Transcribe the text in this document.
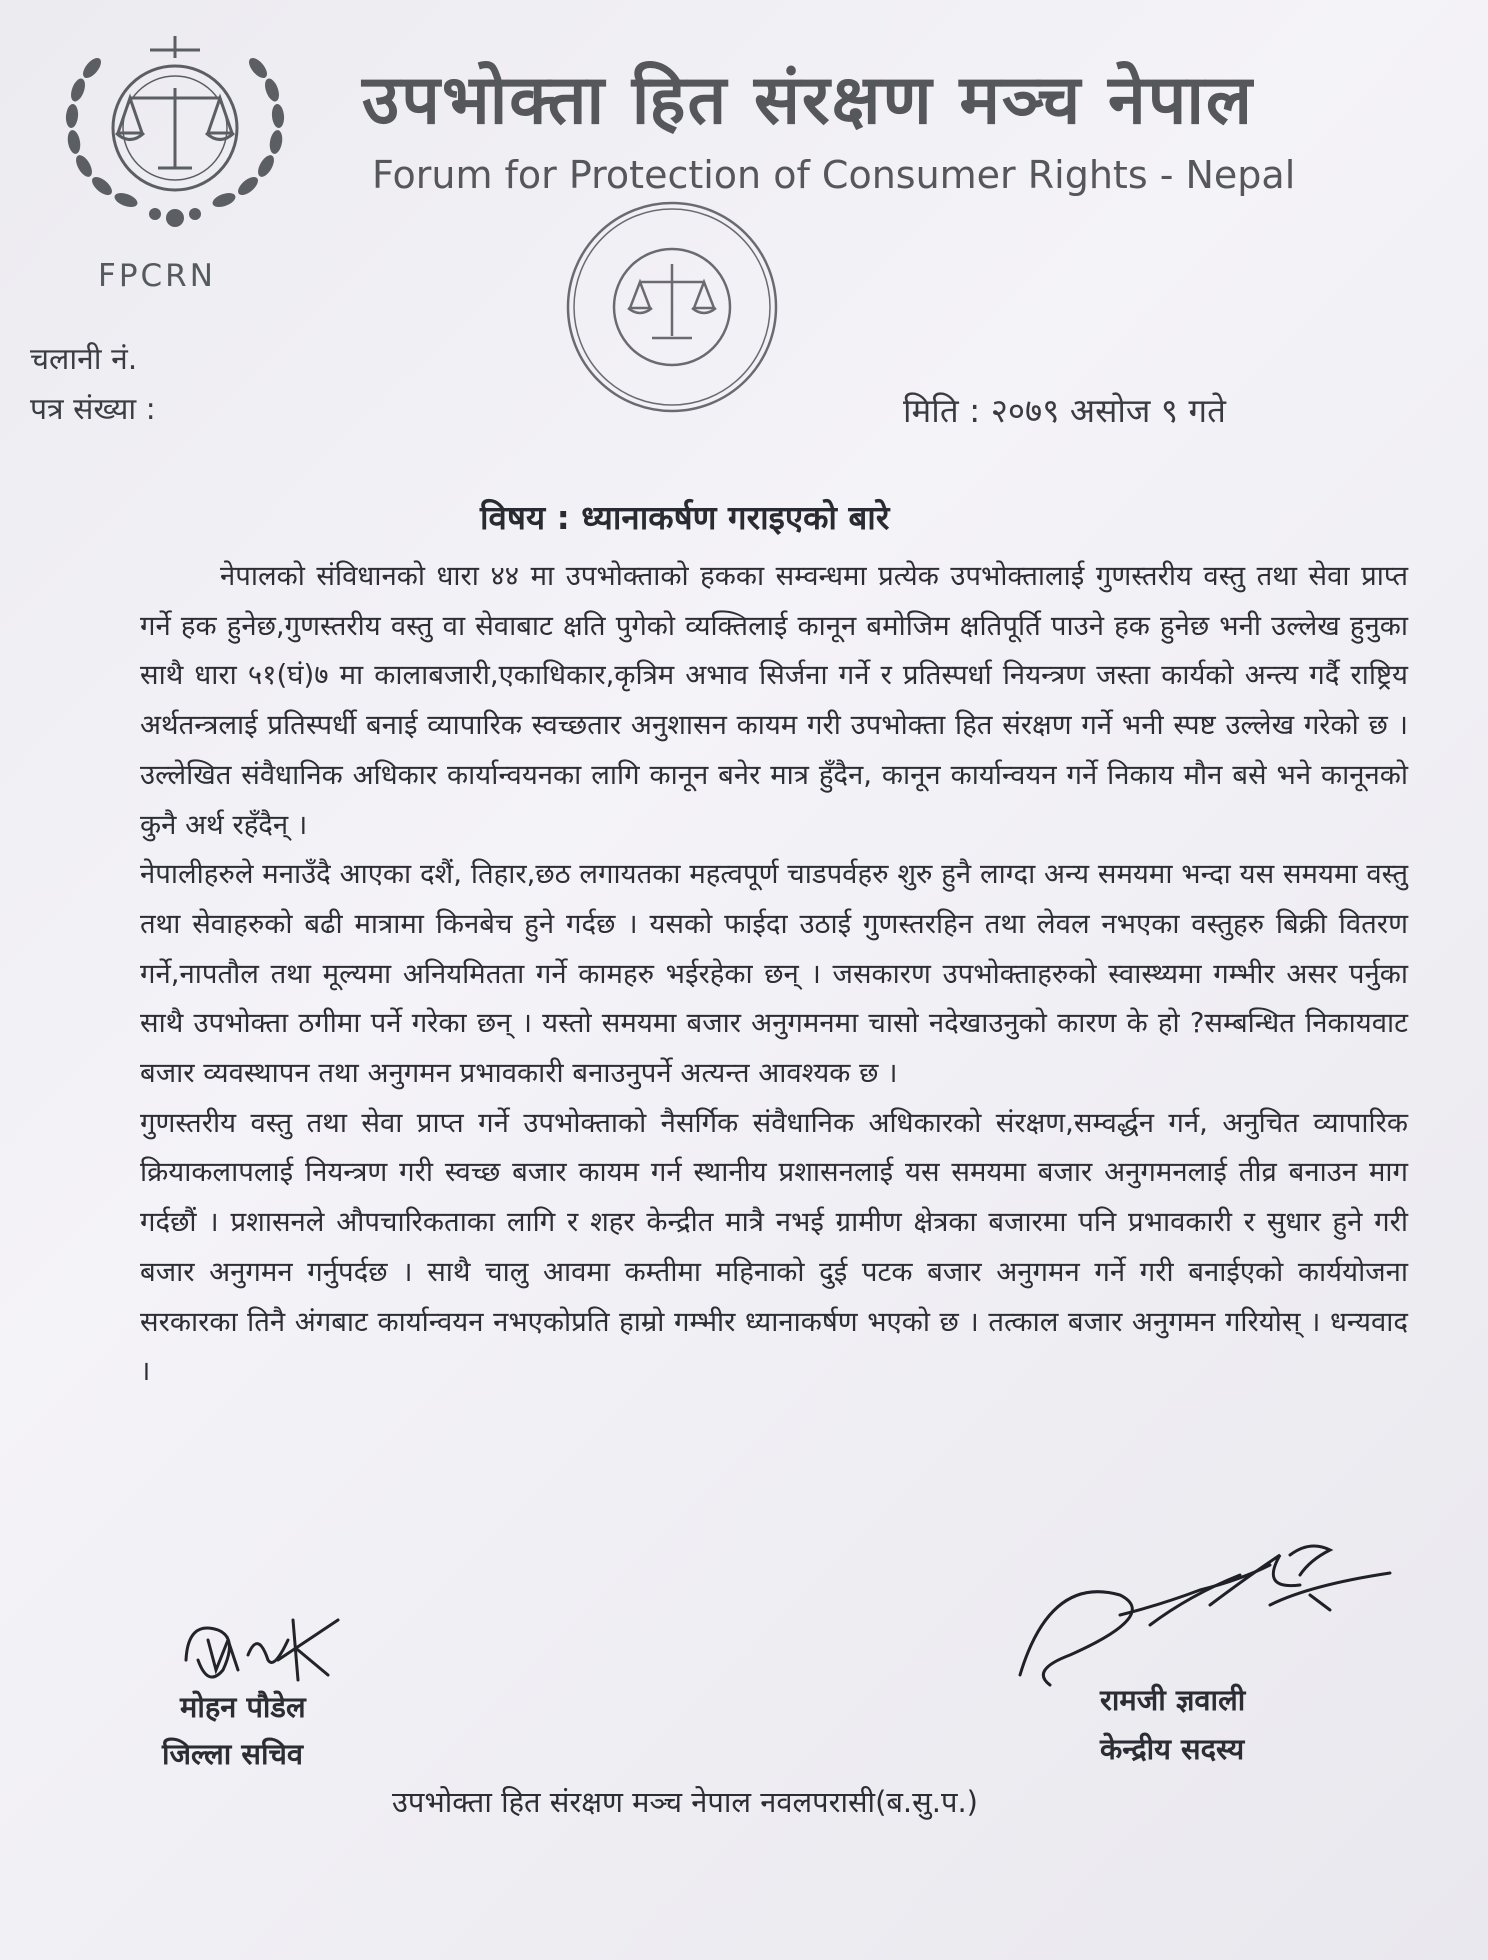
FPCRN
उपभोक्ता हित संरक्षण मञ्च नेपाल
Forum for Protection of Consumer Rights - Nepal
चलानी नं.
पत्र संख्या :	मिति : २०७९ असोज ९ गते
विषय : ध्यानाकर्षण गराइएको बारे

नेपालको संविधानको धारा ४४ मा उपभोक्ताको हकका सम्वन्धमा प्रत्येक उपभोक्तालाई गुणस्तरीय वस्तु तथा सेवा प्राप्त गर्ने हक हुनेछ,गुणस्तरीय वस्तु वा सेवाबाट क्षति पुगेको व्यक्तिलाई कानून बमोजिम क्षतिपूर्ति पाउने हक हुनेछ भनी उल्लेख हुनुका साथै धारा ५१(घं)७ मा कालाबजारी,एकाधिकार,कृत्रिम अभाव सिर्जना गर्ने र प्रतिस्पर्धा नियन्त्रण जस्ता कार्यको अन्त्य गर्दै राष्ट्रिय अर्थतन्त्रलाई प्रतिस्पर्धी बनाई व्यापारिक स्वच्छतार अनुशासन कायम गरी उपभोक्ता हित संरक्षण गर्ने भनी स्पष्ट उल्लेख गरेको छ । उल्लेखित संवैधानिक अधिकार कार्यान्वयनका लागि कानून बनेर मात्र हुँदैन, कानून कार्यान्वयन गर्ने निकाय मौन बसे भने कानूनको कुनै अर्थ रहँदैन् ।

नेपालीहरुले मनाउँदै आएका दशैं, तिहार,छठ लगायतका महत्वपूर्ण चाडपर्वहरु शुरु हुनै लाग्दा अन्य समयमा भन्दा यस समयमा वस्तु तथा सेवाहरुको बढी मात्रामा किनबेच हुने गर्दछ । यसको फाईदा उठाई गुणस्तरहिन तथा लेवल नभएका वस्तुहरु बिक्री वितरण गर्ने,नापतौल तथा मूल्यमा अनियमितता गर्ने कामहरु भईरहेका छन् । जसकारण उपभोक्ताहरुको स्वास्थ्यमा गम्भीर असर पर्नुका साथै उपभोक्ता ठगीमा पर्ने गरेका छन् । यस्तो समयमा बजार अनुगमनमा चासो नदेखाउनुको कारण के हो ?सम्बन्धित निकायवाट बजार व्यवस्थापन तथा अनुगमन प्रभावकारी बनाउनुपर्ने अत्यन्त आवश्यक छ ।

गुणस्तरीय वस्तु तथा सेवा प्राप्त गर्ने उपभोक्ताको नैसर्गिक संवैधानिक अधिकारको संरक्षण,सम्वर्द्धन गर्न, अनुचित व्यापारिक क्रियाकलापलाई नियन्त्रण गरी स्वच्छ बजार कायम गर्न स्थानीय प्रशासनलाई यस समयमा बजार अनुगमनलाई तीव्र बनाउन माग गर्दछौं । प्रशासनले औपचारिकताका लागि र शहर केन्द्रीत मात्रै नभई ग्रामीण क्षेत्रका बजारमा पनि प्रभावकारी र सुधार हुने गरी बजार अनुगमन गर्नुपर्दछ । साथै चालु आवमा कम्तीमा महिनाको दुई पटक बजार अनुगमन गर्ने गरी बनाईएको कार्ययोजना सरकारका तिनै अंगबाट कार्यान्वयन नभएकोप्रति हाम्रो गम्भीर ध्यानाकर्षण भएको छ । तत्काल बजार अनुगमन गरियोस् । धन्यवाद ।

मोहन पौडेल
जिल्ला सचिव
रामजी ज्ञवाली
केन्द्रीय सदस्य
उपभोक्ता हित संरक्षण मञ्च नेपाल नवलपरासी(ब.सु.प.)
